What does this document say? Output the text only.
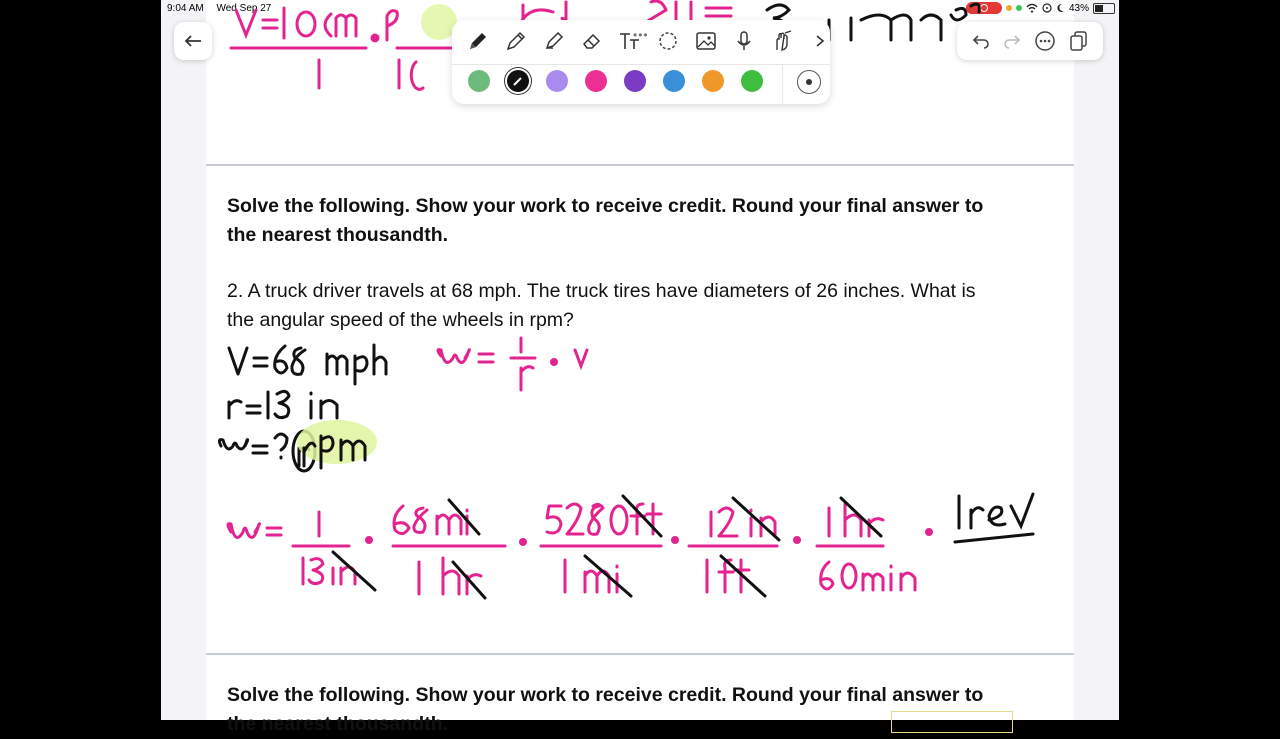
9:04 AM Wed Sep 27	43%
•••
Solve the following. Show your work to receive credit. Round your final answer to the nearest thousandth.
2. A truck driver travels at 68 mph. The truck tires have diameters of 26 inches. What is the angular speed of the wheels in rpm?
Solve the following. Show your work to receive credit. Round your final answer to the nearest thousandth.
